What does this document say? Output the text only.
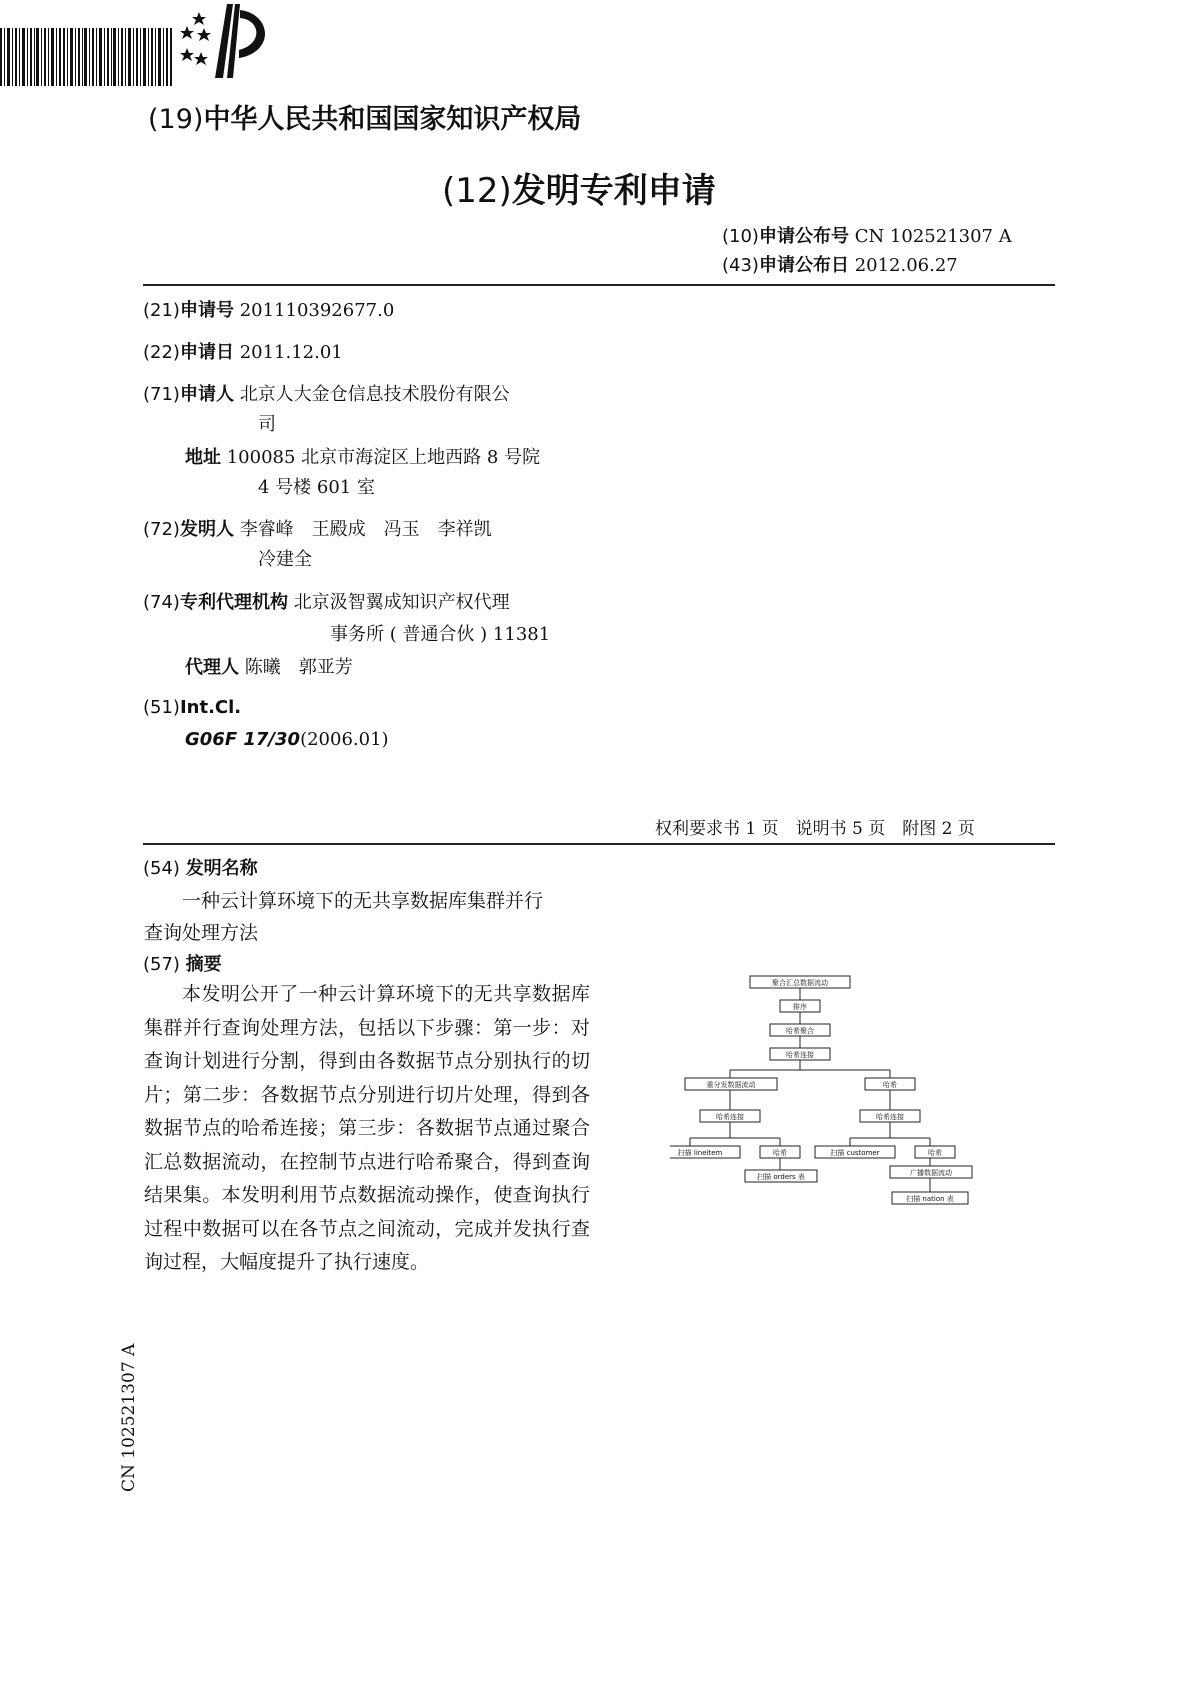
(19)中华人民共和国国家知识产权局

(12)发明专利申请
(10)申请公布号 CN 102521307 A
(43)申请公布日 2012.06.27
(21)申请号 201110392677.0
(22)申请日 2011.12.01
(71)申请人 北京人大金仓信息技术股份有限公
司
地址 100085 北京市海淀区上地西路 8 号院
4 号楼 601 室
(72)发明人 李睿峰　王殿成　冯玉　李祥凯
冷建全
(74)专利代理机构 北京汲智翼成知识产权代理
事务所 ( 普通合伙 ) 11381
代理人 陈曦　郭亚芳
(51)Int.Cl.
G06F 17/30(2006.01)
权利要求书 1 页　说明书 5 页　附图 2 页
(54) 发明名称
一种云计算环境下的无共享数据库集群并行
查询处理方法
(57) 摘要
本发明公开了一种云计算环境下的无共享数据库集群并行查询处理方法，包括以下步骤：第一步：对查询计划进行分割，得到由各数据节点分别执行的切片；第二步：各数据节点分别进行切片处理，得到各数据节点的哈希连接；第三步：各数据节点通过聚合汇总数据流动，在控制节点进行哈希聚合，得到查询结果集。本发明利用节点数据流动操作，使查询执行过程中数据可以在各节点之间流动，完成并发执行查询过程，大幅度提升了执行速度。
聚合汇总数据流动
排序
哈希聚合
哈希连接
重分发数据流动	哈希
哈希连接	哈希连接
扫描 lineitem	哈希	扫描 customer	哈希
扫描 orders 表	广播数据流动
扫描 nation 表
CN 102521307 A
